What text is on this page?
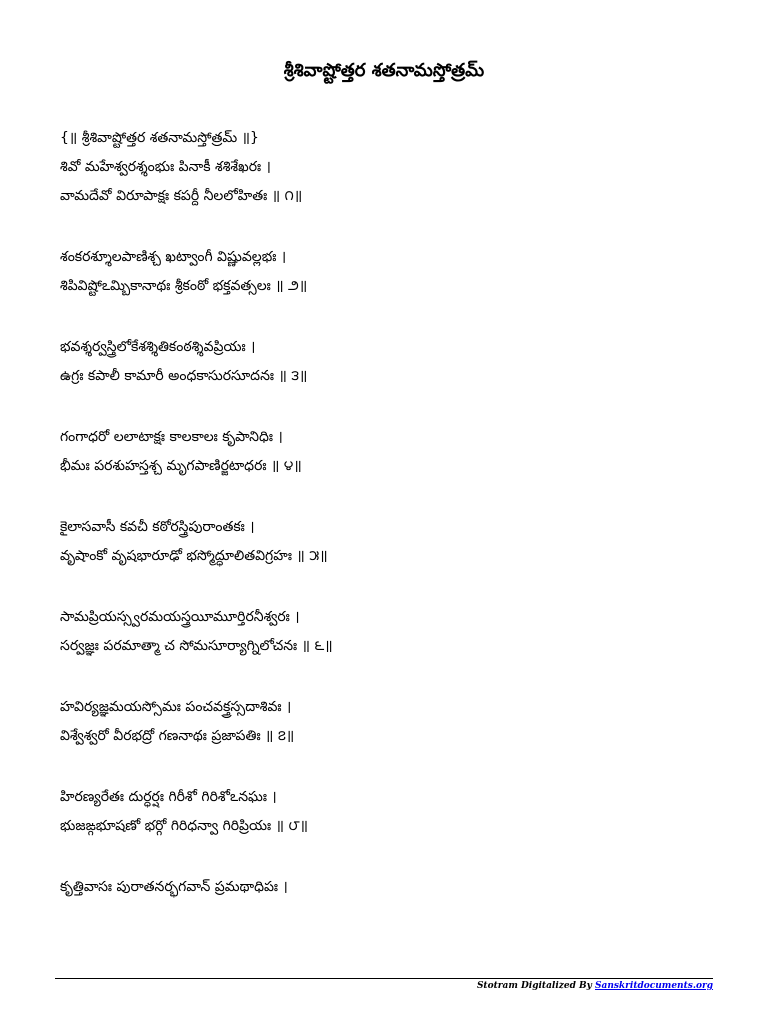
శ్రీశివాష్టోత్తర శతనామస్తోత్రమ్
{॥ శ్రీశివాష్టోత్తర శతనామస్తోత్రమ్ ॥}
శివో మహేశ్వరశ్శంభుః పినాకీ శశిశేఖరః ।
వామదేవో విరూపాక్షః కపర్దీ నీలలోహితః ॥ ౧॥
శంకరశ్శూలపాణిశ్చ ఖట్వాంగీ విష్ణువల్లభః ।
శిపివిష్టోఽమ్బికానాథః శ్రీకంఠో భక్తవత్సలః ॥ ౨॥
భవశ్శర్వస్త్రిలోకేశశ్శితికంఠశ్శివప్రియః ।
ఉగ్రః కపాలీ కామారీ అంధకాసురసూదనః ॥ ౩॥
గంగాధరో లలాటాక్షః కాలకాలః కృపానిధిః ।
భీమః పరశుహస్తశ్చ మృగపాణిర్జటాధరః ॥ ౪॥
కైలాసవాసీ కవచీ కఠోరస్త్రిపురాంతకః ।
వృషాంకో వృషభారూఢో భస్మోద్ధూలితవిగ్రహః ॥ ౫॥
సామప్రియస్స్వరమయస్త్రయీమూర్తిరనీశ్వరః ।
సర్వజ్ఞః పరమాత్మా చ సోమసూర్యాగ్నిలోచనః ॥ ౬॥
హవిర్యజ్ఞమయస్సోమః పంచవక్త్రస్సదాశివః ।
విశ్వేశ్వరో వీరభద్రో గణనాథః ప్రజాపతిః ॥ ౭॥
హిరణ్యరేతః దుర్ధర్షః గిరీశో గిరిశోఽనఘః ।
భుజఙ్గభూషణో భర్గో గిరిధన్వా గిరిప్రియః ॥ ౮॥
కృత్తివాసః పురాతనర్భగవాన్ ప్రమథాధిపః ।
Stotram Digitalized By Sanskritdocuments.org
